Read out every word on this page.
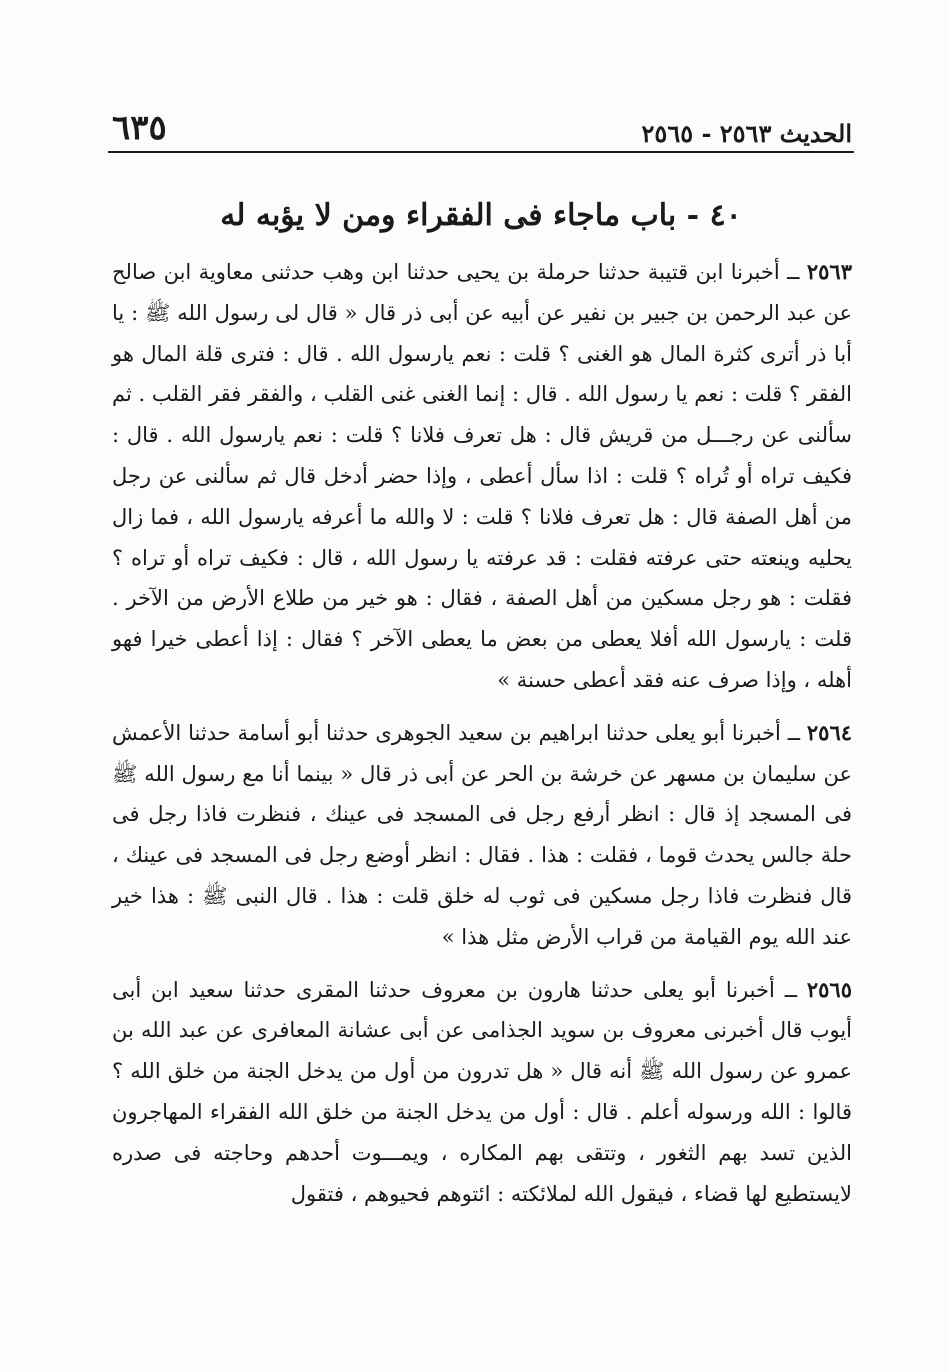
الحديث ٢٥٦٣ - ٢٥٦٥
٦٣٥
٤٠ - باب ماجاء فى الفقراء ومن لا يؤبه له

٢٥٦٣ ــ أخبرنا ابن قتيبة حدثنا حرملة بن يحيى حدثنا ابن وهب حدثنى معاوية ابن صالح عن عبد الرحمن بن جبير بن نفير عن أبيه عن أبى ذر قال « قال لى رسول الله ﷺ : يا أبا ذر أترى كثرة المال هو الغنى ؟ قلت : نعم يارسول الله . قال : فترى قلة المال هو الفقر ؟ قلت : نعم يا رسول الله . قال : إنما الغنى غنى القلب ، والفقر فقر القلب . ثم سألنى عن رجـــل من قريش قال : هل تعرف فلانا ؟ قلت : نعم يارسول الله . قال : فكيف تراه أو تُراه ؟ قلت : اذا سأل أعطى ، وإذا حضر أدخل قال ثم سألنى عن رجل من أهل الصفة قال : هل تعرف فلانا ؟ قلت : لا والله ما أعرفه يارسول الله ، فما زال يحليه وينعته حتى عرفته فقلت : قد عرفته يا رسول الله ، قال : فكيف تراه أو تراه ؟ فقلت : هو رجل مسكين من أهل الصفة ، فقال : هو خير من طلاع الأرض من الآخر . قلت : يارسول الله أفلا يعطى من بعض ما يعطى الآخر ؟ فقال : إذا أعطى خيرا فهو أهله ، وإذا صرف عنه فقد أعطى حسنة »

٢٥٦٤ ــ أخبرنا أبو يعلى حدثنا ابراهيم بن سعيد الجوهرى حدثنا أبو أسامة حدثنا الأعمش عن سليمان بن مسهر عن خرشة بن الحر عن أبى ذر قال « بينما أنا مع رسول الله ﷺ فى المسجد إذ قال : انظر أرفع رجل فى المسجد فى عينك ، فنظرت فاذا رجل فى حلة جالس يحدث قوما ، فقلت : هذا . فقال : انظر أوضع رجل فى المسجد فى عينك ، قال فنظرت فاذا رجل مسكين فى ثوب له خلق قلت : هذا . قال النبى ﷺ : هذا خير عند الله يوم القيامة من قراب الأرض مثل هذا »

٢٥٦٥ ــ أخبرنا أبو يعلى حدثنا هارون بن معروف حدثنا المقرى حدثنا سعيد ابن أبى أيوب قال أخبرنى معروف بن سويد الجذامى عن أبى عشانة المعافرى عن عبد الله بن عمرو عن رسول الله ﷺ أنه قال « هل تدرون من أول من يدخل الجنة من خلق الله ؟ قالوا : الله ورسوله أعلم . قال : أول من يدخل الجنة من خلق الله الفقراء المهاجرون الذين تسد بهم الثغور ، وتتقى بهم المكاره ، ويمـــوت أحدهم وحاجته فى صدره لايستطيع لها قضاء ، فيقول الله لملائكته : ائتوهم فحيوهم ، فتقول
